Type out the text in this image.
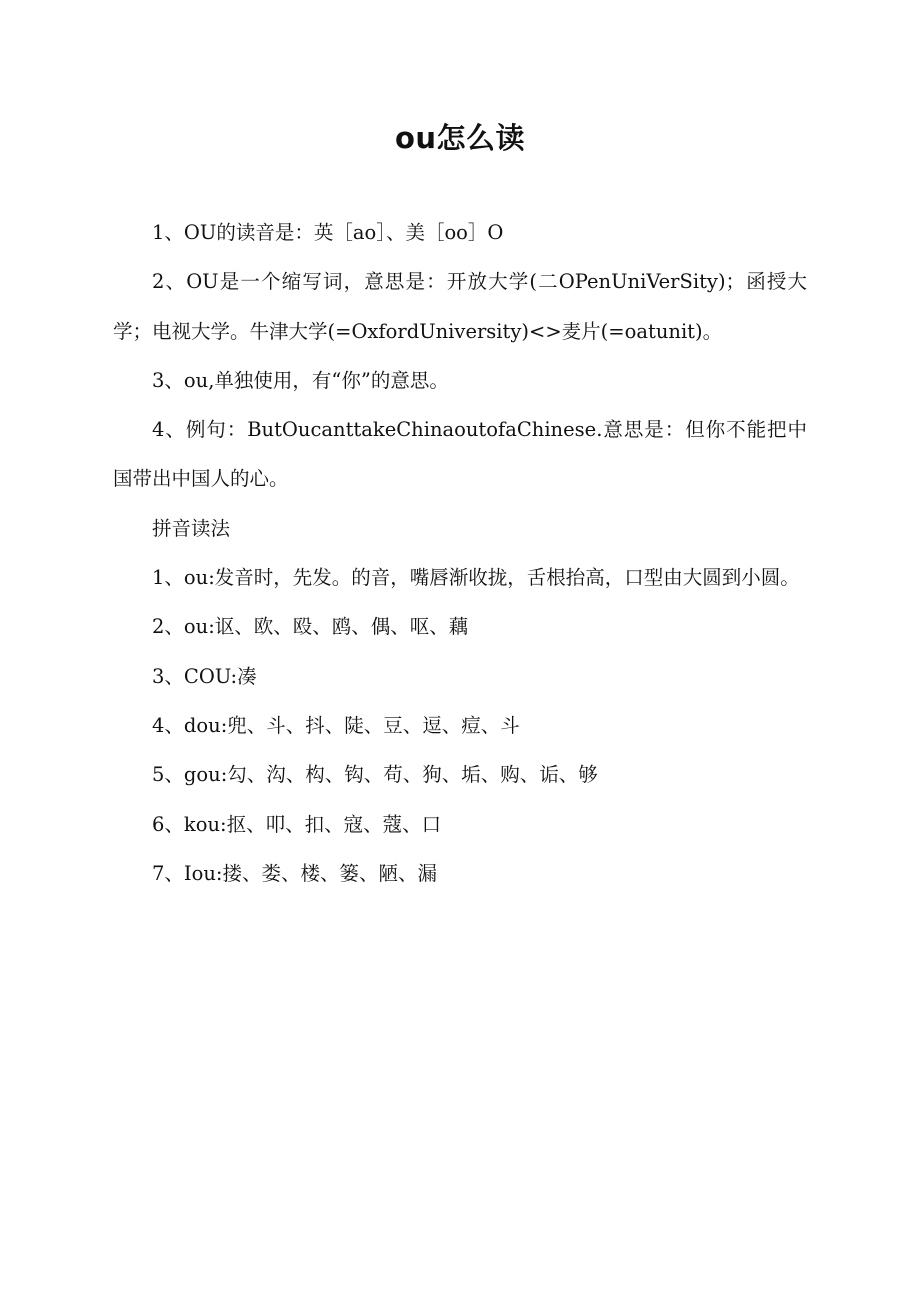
ou怎么读

1、OU的读音是：英［ao］、美［oo］O

2、OU是一个缩写词，意思是：开放大学(二OPenUniVerSity)；函授大学；电视大学。牛津大学(=OxfordUniversity)<>麦片(=oatunit)。

3、ou,单独使用，有“你”的意思。

4、例句：ButOucanttakeChinaoutofaChinese.意思是：但你不能把中国带出中国人的心。

拼音读法

1、ou:发音时，先发。的音，嘴唇渐收拢，舌根抬高，口型由大圆到小圆。

2、ou:讴、欧、殴、鸥、偶、呕、藕

3、COU:凑

4、dou:兜、斗、抖、陡、豆、逗、痘、斗

5、gou:勾、沟、构、钩、苟、狗、垢、购、诟、够

6、kou:抠、叩、扣、寇、蔻、口

7、Iou:搂、娄、楼、篓、陋、漏
